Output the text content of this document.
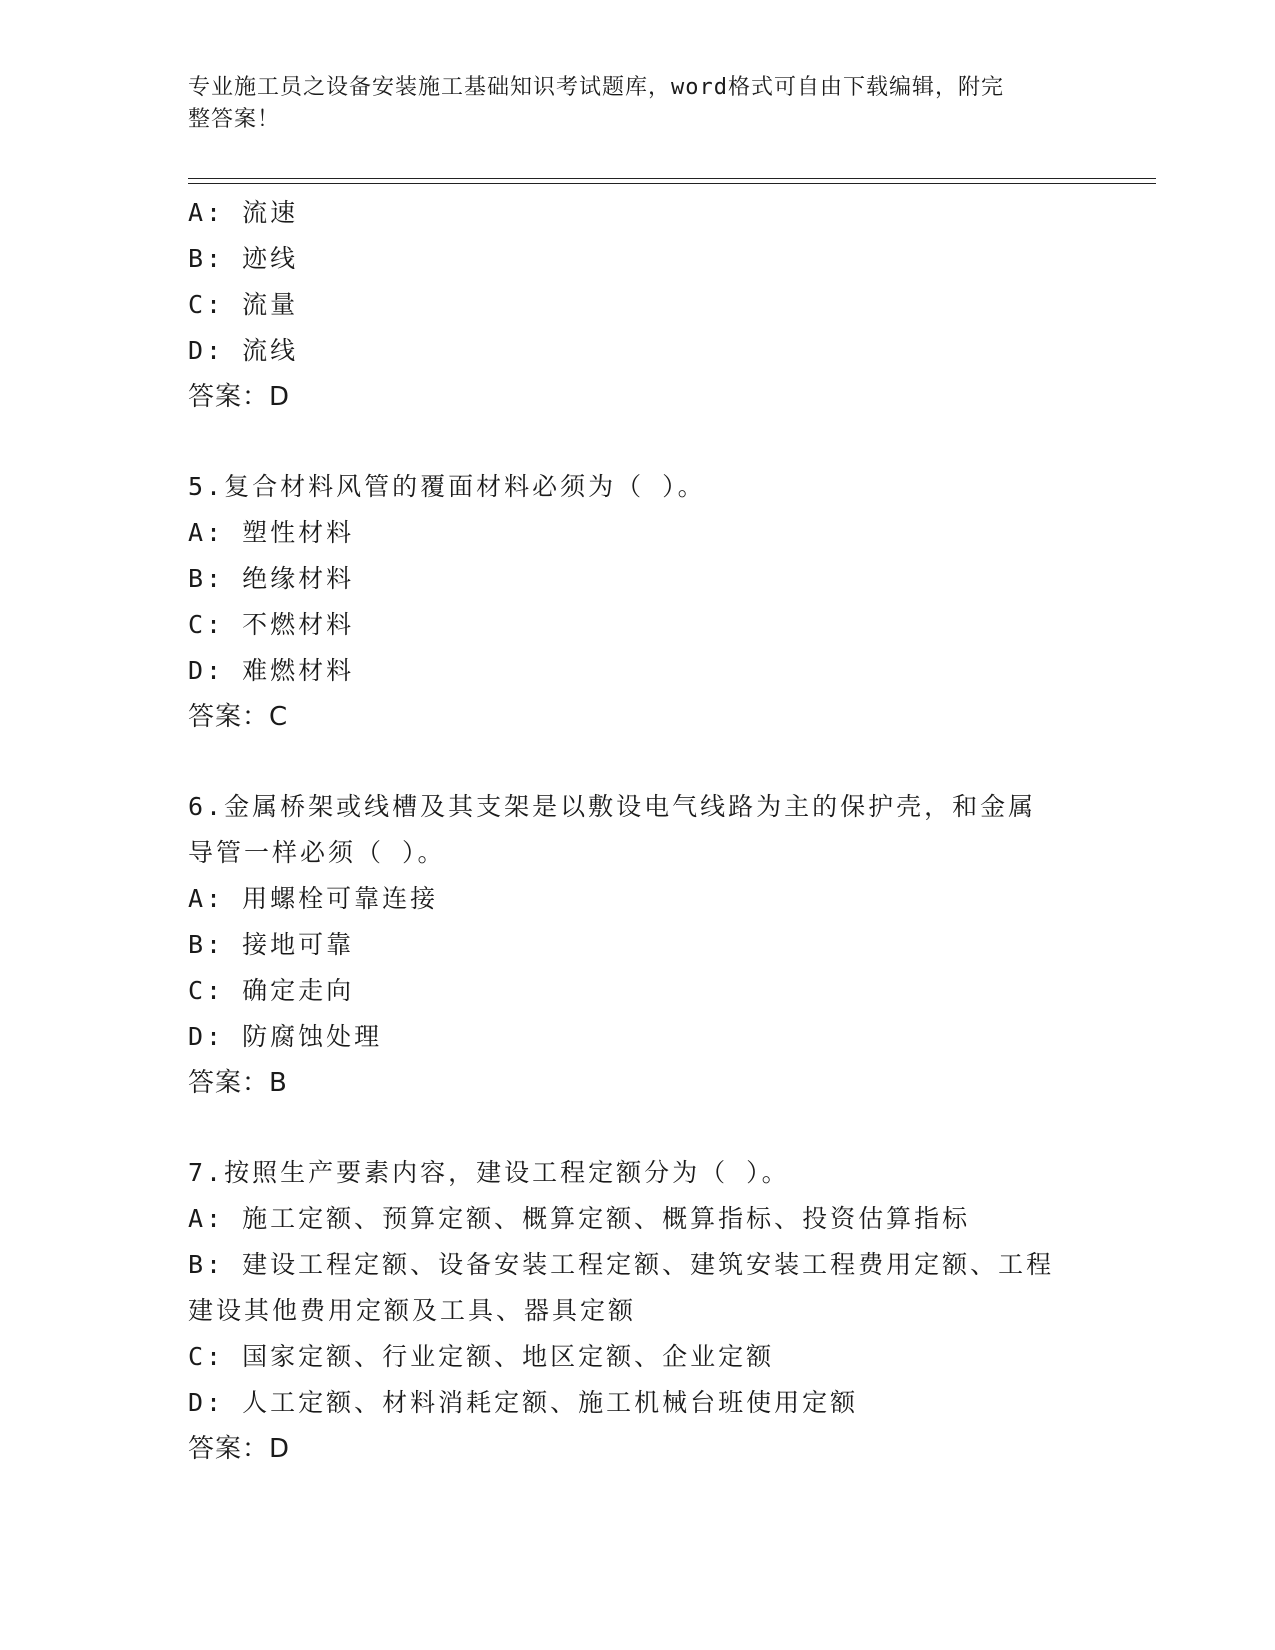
专业施工员之设备安装施工基础知识考试题库，word格式可自由下载编辑，附完
整答案！
A: 流速
B: 迹线
C: 流量
D: 流线
答案：D
5.复合材料风管的覆面材料必须为（ ）。
A: 塑性材料
B: 绝缘材料
C: 不燃材料
D: 难燃材料
答案：C
6.金属桥架或线槽及其支架是以敷设电气线路为主的保护壳，和金属
导管一样必须（ ）。
A: 用螺栓可靠连接
B: 接地可靠
C: 确定走向
D: 防腐蚀处理
答案：B
7.按照生产要素内容，建设工程定额分为（ ）。
A: 施工定额、预算定额、概算定额、概算指标、投资估算指标
B: 建设工程定额、设备安装工程定额、建筑安装工程费用定额、工程
建设其他费用定额及工具、器具定额
C: 国家定额、行业定额、地区定额、企业定额
D: 人工定额、材料消耗定额、施工机械台班使用定额
答案：D
